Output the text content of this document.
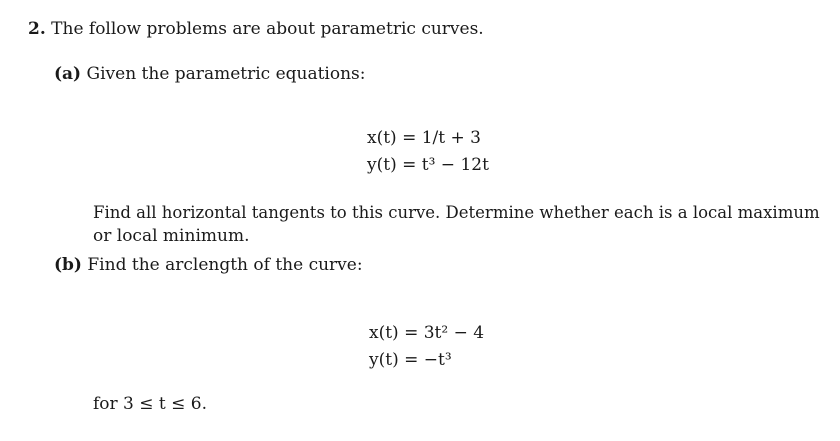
2. The follow problems are about parametric curves.
(a) Given the parametric equations:
x(t) = 1/t + 3
y(t) = t³ − 12t
Find all horizontal tangents to this curve. Determine whether each is a local maximum
or local minimum.
(b) Find the arclength of the curve:
x(t) = 3t² − 4
y(t) = −t³
for 3 ≤ t ≤ 6.
